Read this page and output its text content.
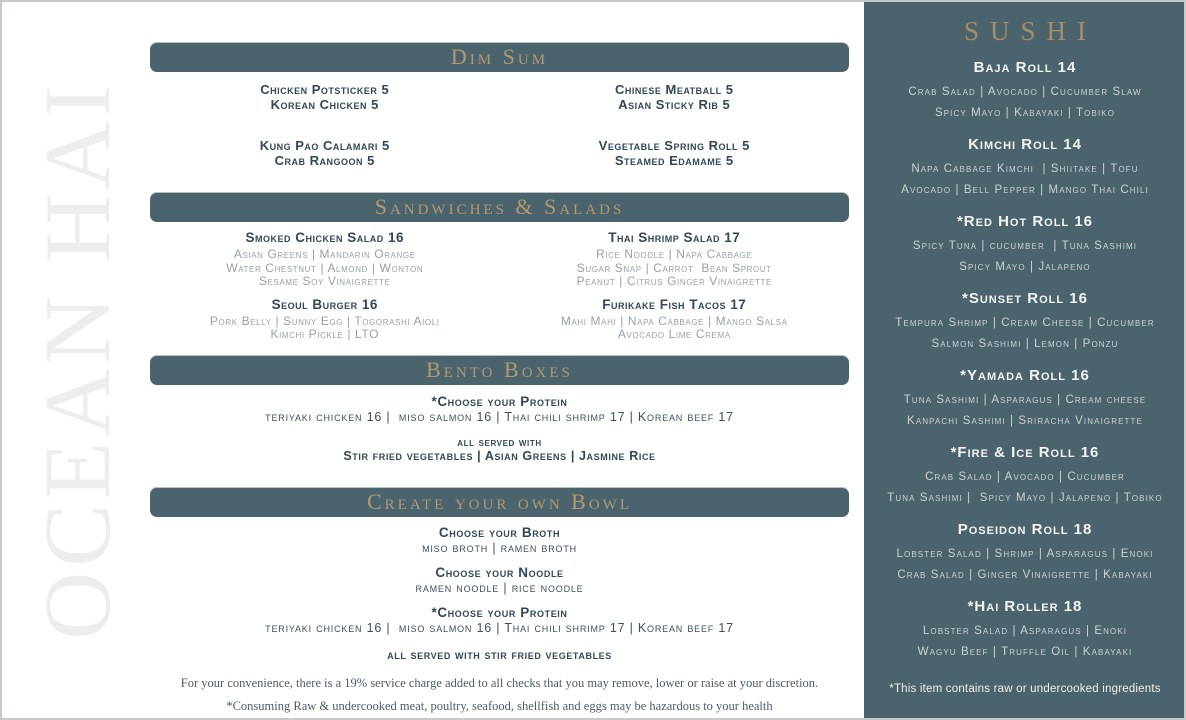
OCEAN HAI
Dim Sum
Chicken Potsticker 5
Korean Chicken 5
Chinese Meatball 5
Asian Sticky Rib 5
Kung Pao Calamari 5
Crab Rangoon 5
Vegetable Spring Roll 5
Steamed Edamame 5
Sandwiches & Salads
Smoked Chicken Salad 16
Asian Greens | Mandarin Orange
Water Chestnut | Almond | Wonton
Sesame Soy Vinaigrette
Thai Shrimp Salad 17
Rice Noodle | Napa Cabbage
Sugar Snap | Carrot  Bean Sprout
Peanut | Citrus Ginger Vinaigrette
Seoul Burger 16
Pork Belly | Sunny Egg | Togorashi Aioli
Kimchi Pickle | LTO
Furikake Fish Tacos 17
Mahi Mahi | Napa Cabbage | Mango Salsa
Avocado Lime Crema
Bento Boxes
*Choose your Protein
teriyaki chicken 16 |  miso salmon 16 | Thai chili shrimp 17 | Korean beef 17
all served with
Stir fried vegetables | Asian Greens | Jasmine Rice
Create your own Bowl
Choose your Broth
miso broth | ramen broth
Choose your Noodle
ramen noodle | rice noodle
*Choose your Protein
teriyaki chicken 16 |  miso salmon 16 | Thai chili shrimp 17 | Korean beef 17
all served with stir fried vegetables
For your convenience, there is a 19% service charge added to all checks that you may remove, lower or raise at your discretion.
*Consuming Raw & undercooked meat, poultry, seafood, shellfish and eggs may be hazardous to your health
SUSHI
Baja Roll 14
Crab Salad | Avocado | Cucumber Slaw
Spicy Mayo | Kabayaki | Tobiko
Kimchi Roll 14
Napa Cabbage Kimchi  | Shiitake | Tofu
Avocado | Bell Pepper | Mango Thai Chili
*Red Hot Roll 16
Spicy Tuna | cucumber  | Tuna Sashimi
Spicy Mayo | Jalapeno
*Sunset Roll 16
Tempura Shrimp | Cream Cheese | Cucumber
Salmon Sashimi | Lemon | Ponzu
*Yamada Roll 16
Tuna Sashimi | Asparagus | Cream cheese
Kanpachi Sashimi | Sriracha Vinaigrette
*Fire & Ice Roll 16
Crab Salad | Avocado | Cucumber
Tuna Sashimi |  Spicy Mayo | Jalapeno | Tobiko
Poseidon Roll 18
Lobster Salad | Shrimp | Asparagus | Enoki
Crab Salad | Ginger Vinaigrette | Kabayaki
*Hai Roller 18
Lobster Salad | Asparagus | Enoki
Wagyu Beef | Truffle Oil | Kabayaki
*This item contains raw or undercooked ingredients
